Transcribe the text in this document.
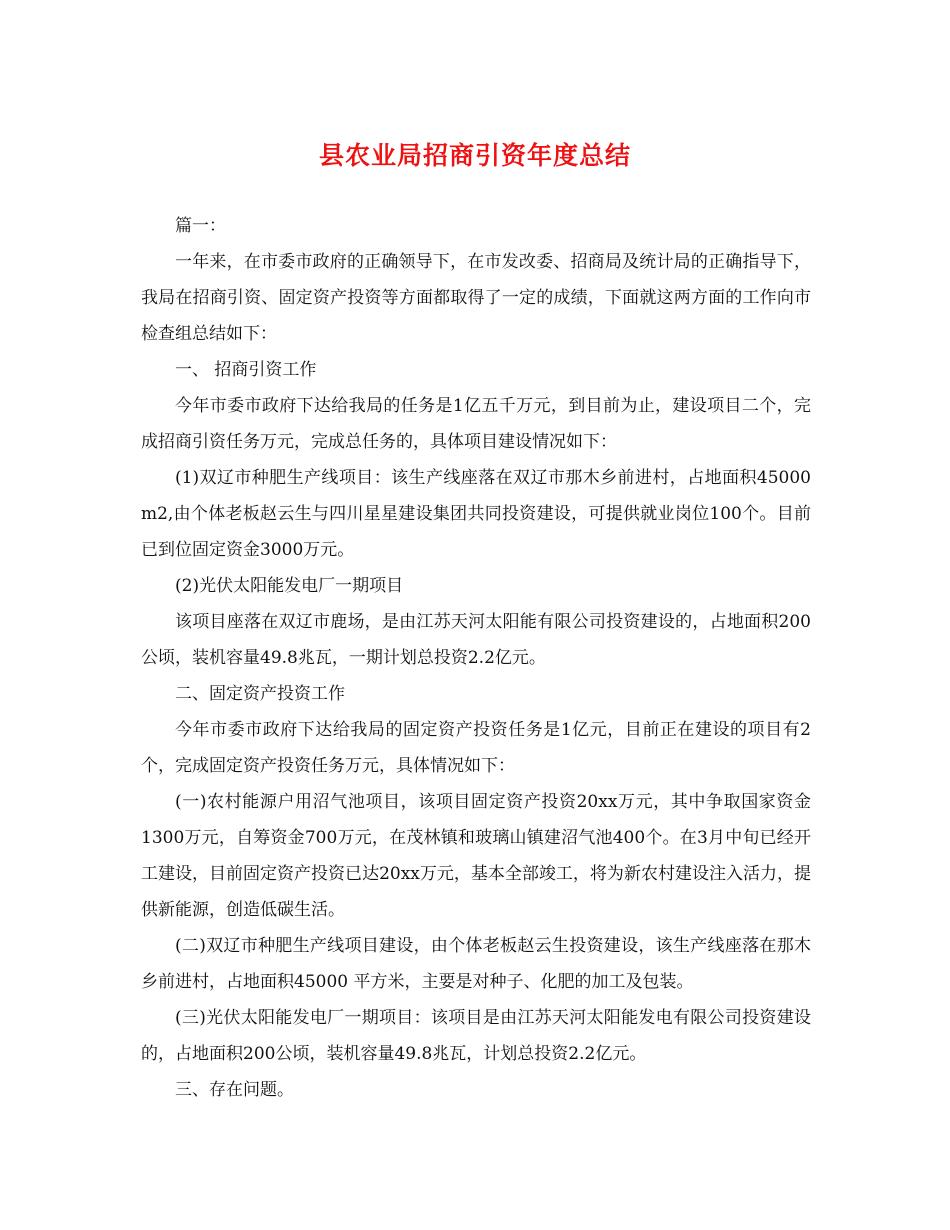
县农业局招商引资年度总结

篇一：

一年来，在市委市政府的正确领导下，在市发改委、招商局及统计局的正确指导下，我局在招商引资、固定资产投资等方面都取得了一定的成绩，下面就这两方面的工作向市检查组总结如下：

一、 招商引资工作

今年市委市政府下达给我局的任务是1亿五千万元，到目前为止，建设项目二个，完成招商引资任务万元，完成总任务的，具体项目建设情况如下：

(1)双辽市种肥生产线项目：该生产线座落在双辽市那木乡前进村，占地面积45000 m2,由个体老板赵云生与四川星星建设集团共同投资建设，可提供就业岗位100个。目前已到位固定资金3000万元。

(2)光伏太阳能发电厂一期项目

该项目座落在双辽市鹿场，是由江苏天河太阳能有限公司投资建设的，占地面积200公顷，装机容量49.8兆瓦，一期计划总投资2.2亿元。

二、固定资产投资工作

今年市委市政府下达给我局的固定资产投资任务是1亿元，目前正在建设的项目有2个，完成固定资产投资任务万元，具体情况如下：

(一)农村能源户用沼气池项目，该项目固定资产投资20xx万元，其中争取国家资金1300万元，自筹资金700万元，在茂林镇和玻璃山镇建沼气池400个。在3月中旬已经开工建设，目前固定资产投资已达20xx万元，基本全部竣工，将为新农村建设注入活力，提供新能源，创造低碳生活。

(二)双辽市种肥生产线项目建设，由个体老板赵云生投资建设，该生产线座落在那木乡前进村，占地面积45000 平方米，主要是对种子、化肥的加工及包装。

(三)光伏太阳能发电厂一期项目：该项目是由江苏天河太阳能发电有限公司投资建设的，占地面积200公顷，装机容量49.8兆瓦，计划总投资2.2亿元。

三、存在问题。
